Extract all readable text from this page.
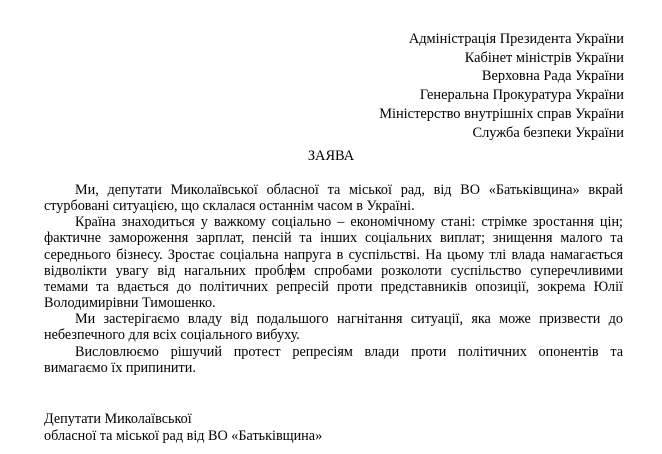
Адміністрація Президента України
Кабінет міністрів України
Верховна Рада України
Генеральна Прокуратура України
Міністерство внутрішніх справ України
Служба безпеки України
ЗАЯВА

Ми, депутати Миколаївської обласної та міської рад, від ВО «Батьківщина» вкрай стурбовані ситуацією, що склалася останнім часом в Україні.

Країна знаходиться у важкому соціально – економічному стані: стрімке зростання цін; фактичне замороження зарплат, пенсій та інших соціальних виплат; знищення малого та середнього бізнесу. Зростає соціальна напруга в суспільстві. На цьому тлі влада намагається відволікти увагу від нагальних проблем спробами розколоти суспільство суперечливими темами та вдається до політичних репресій проти представників опозиції, зокрема Юлії Володимирівни Тимошенко.

Ми застерігаємо владу від подальшого нагнітання ситуації, яка може призвести до небезпечного для всіх соціального вибуху.

Висловлюємо рішучий протест репресіям влади проти політичних опонентів та вимагаємо їх припинити.

Депутати Миколаївської
обласної та міської рад від ВО «Батьківщина»
